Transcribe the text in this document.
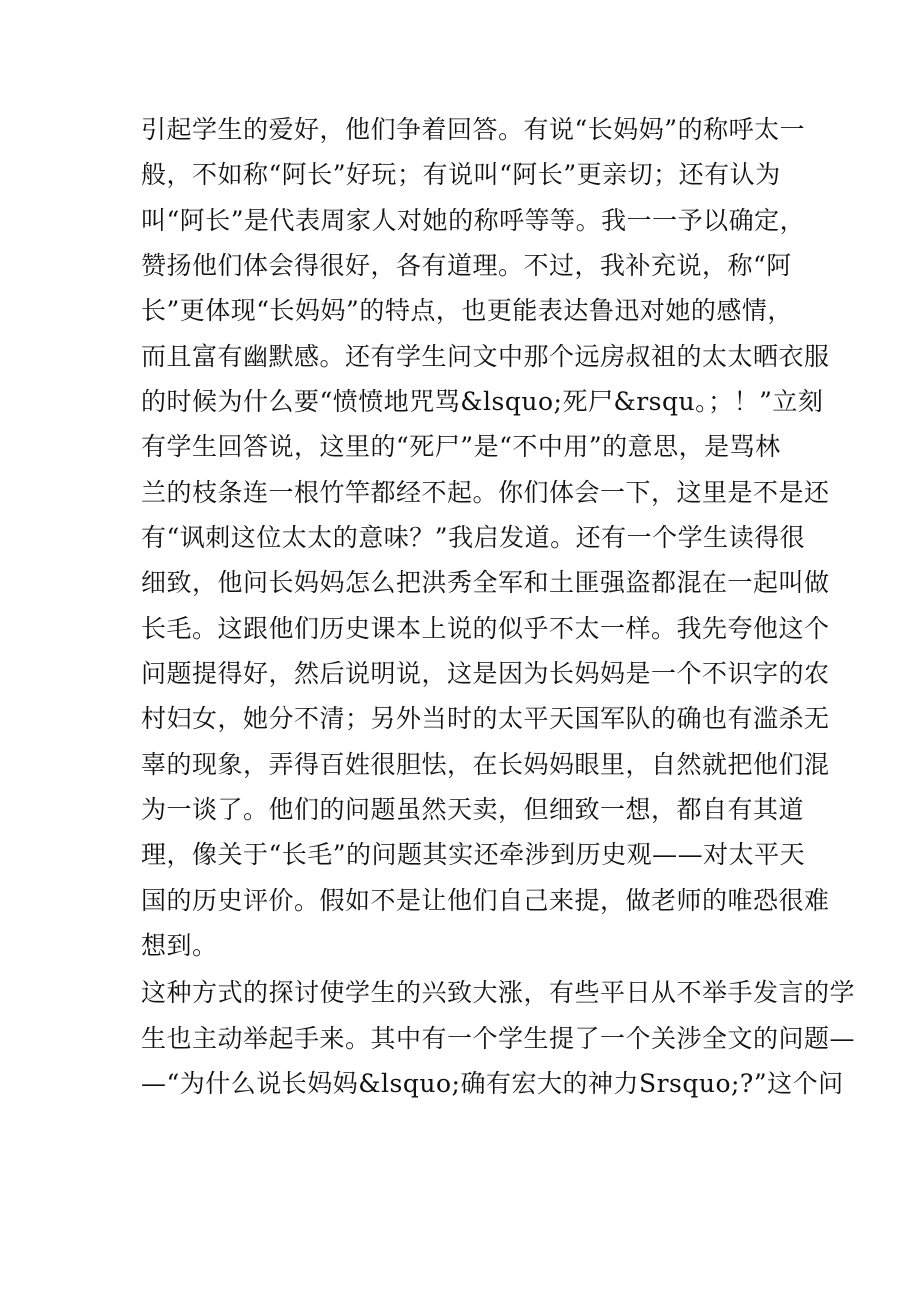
引起学生的爱好，他们争着回答。有说“长妈妈”的称呼太一
般，不如称“阿长”好玩；有说叫“阿长”更亲切；还有认为
叫“阿长”是代表周家人对她的称呼等等。我一一予以确定，
赞扬他们体会得很好，各有道理。不过，我补充说，称“阿
长”更体现“长妈妈”的特点，也更能表达鲁迅对她的感情，
而且富有幽默感。还有学生问文中那个远房叔祖的太太晒衣服
的时候为什么要“愤愤地咒骂&lsquo;死尸&rsqu。；！”立刻
有学生回答说，这里的“死尸”是“不中用”的意思，是骂林
兰的枝条连一根竹竿都经不起。你们体会一下，这里是不是还
有“讽刺这位太太的意味？”我启发道。还有一个学生读得很
细致，他问长妈妈怎么把洪秀全军和土匪强盗都混在一起叫做
长毛。这跟他们历史课本上说的似乎不太一样。我先夸他这个
问题提得好，然后说明说，这是因为长妈妈是一个不识字的农
村妇女，她分不清；另外当时的太平天国军队的确也有滥杀无
辜的现象，弄得百姓很胆怯，在长妈妈眼里，自然就把他们混
为一谈了。他们的问题虽然天卖，但细致一想，都自有其道
理，像关于“长毛”的问题其实还牵涉到历史观——对太平天
国的历史评价。假如不是让他们自己来提，做老师的唯恐很难
想到。
这种方式的探讨使学生的兴致大涨，有些平日从不举手发言的学
生也主动举起手来。其中有一个学生提了一个关涉全文的问题—
—“为什么说长妈妈&lsquo;确有宏大的神力Srsquo;?”这个问
